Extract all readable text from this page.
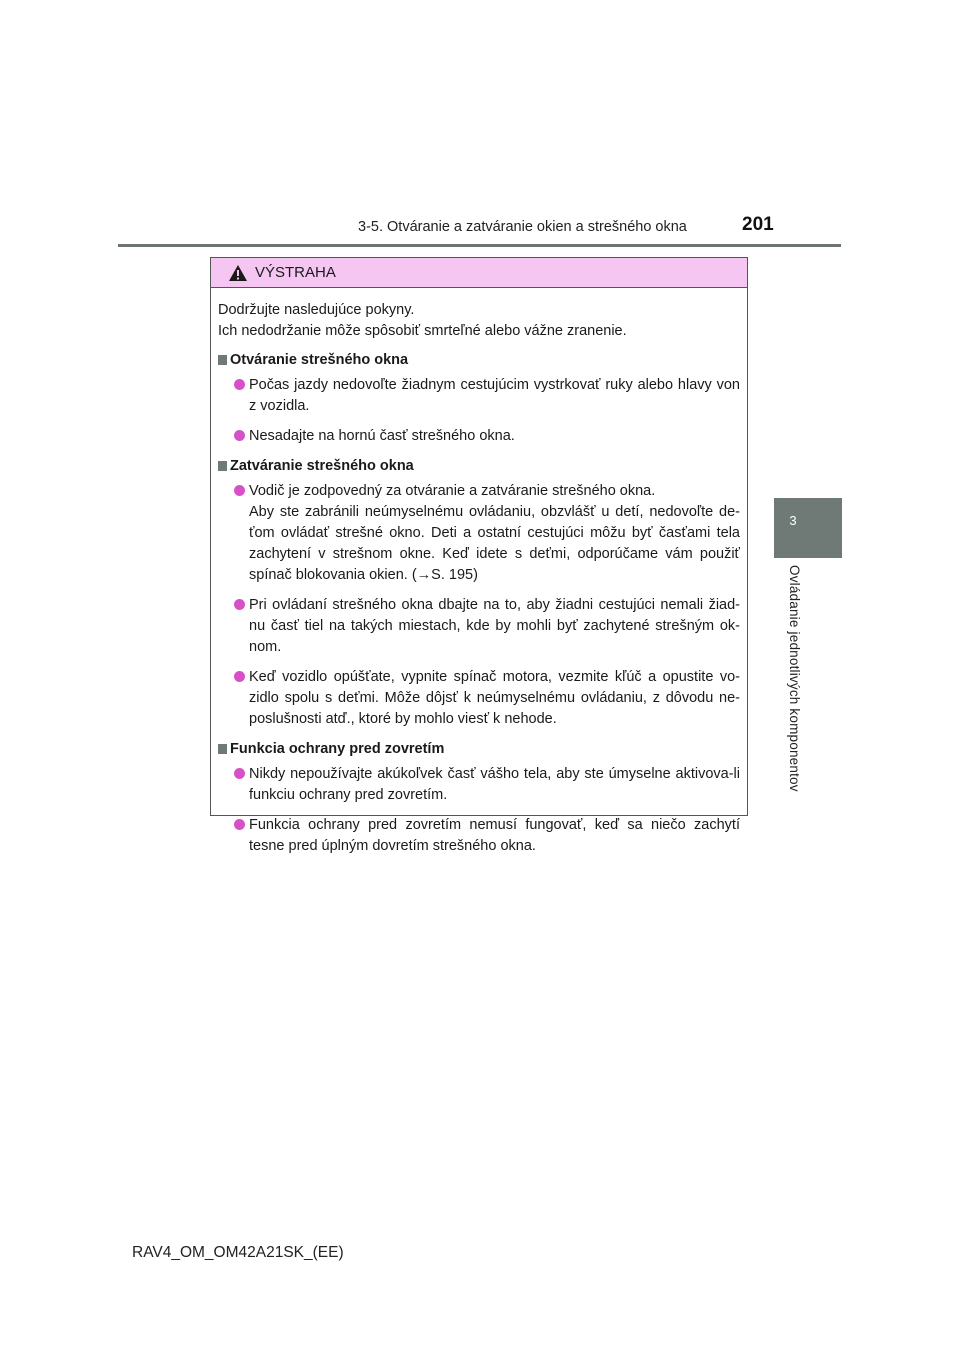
3-5. Otváranie a zatváranie okien a strešného okna	201
3
Ovládanie jednotlivých komponentov
VÝSTRAHA

Dodržujte nasledujúce pokyny.
Ich nedodržanie môže spôsobiť smrteľné alebo vážne zranenie.

Otváranie strešného okna
Počas jazdy nedovoľte žiadnym cestujúcim vystrkovať ruky alebo hlavy von z vozidla.
Nesadajte na hornú časť strešného okna.
Zatváranie strešného okna
Vodič je zodpovedný za otváranie a zatváranie strešného okna.
Aby ste zabránili neúmyselnému ovládaniu, obzvlášť u detí, nedovoľte de-ťom ovládať strešné okno. Deti a ostatní cestujúci môžu byť časťami tela zachytení v strešnom okne. Keď idete s deťmi, odporúčame vám použiť spínač blokovania okien. (→S. 195)
Pri ovládaní strešného okna dbajte na to, aby žiadni cestujúci nemali žiad-nu časť tiel na takých miestach, kde by mohli byť zachytené strešným ok-nom.
Keď vozidlo opúšťate, vypnite spínač motora, vezmite kľúč a opustite vo-zidlo spolu s deťmi. Môže dôjsť k neúmyselnému ovládaniu, z dôvodu ne-poslušnosti atď., ktoré by mohlo viesť k nehode.
Funkcia ochrany pred zovretím
Nikdy nepoužívajte akúkoľvek časť vášho tela, aby ste úmyselne aktivova-li funkciu ochrany pred zovretím.
Funkcia ochrany pred zovretím nemusí fungovať, keď sa niečo zachytí tesne pred úplným dovretím strešného okna.
RAV4_OM_OM42A21SK_(EE)
